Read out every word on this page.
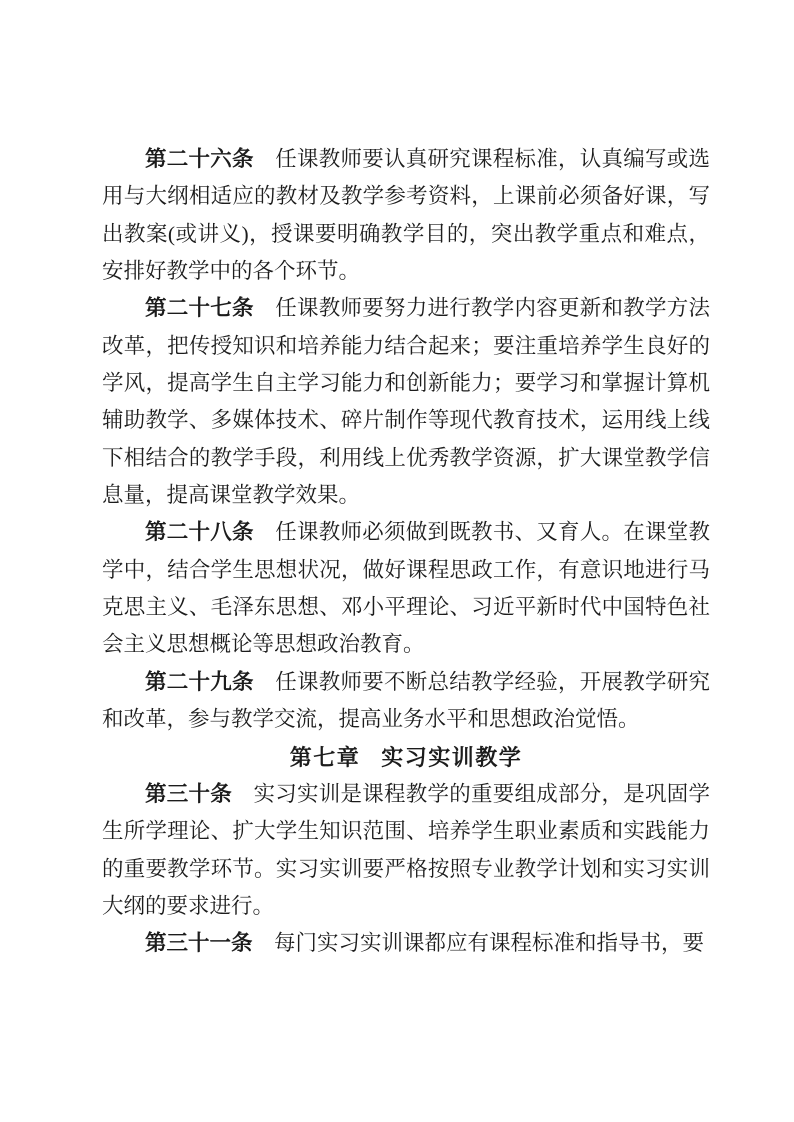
第二十六条 任课教师要认真研究课程标准，认真编写或选用与大纲相适应的教材及教学参考资料，上课前必须备好课，写出教案(或讲义)，授课要明确教学目的，突出教学重点和难点，安排好教学中的各个环节。

第二十七条 任课教师要努力进行教学内容更新和教学方法改革，把传授知识和培养能力结合起来；要注重培养学生良好的学风，提高学生自主学习能力和创新能力；要学习和掌握计算机辅助教学、多媒体技术、碎片制作等现代教育技术，运用线上线下相结合的教学手段，利用线上优秀教学资源，扩大课堂教学信息量，提高课堂教学效果。

第二十八条 任课教师必须做到既教书、又育人。在课堂教学中，结合学生思想状况，做好课程思政工作，有意识地进行马克思主义、毛泽东思想、邓小平理论、习近平新时代中国特色社会主义思想概论等思想政治教育。

第二十九条 任课教师要不断总结教学经验，开展教学研究和改革，参与教学交流，提高业务水平和思想政治觉悟。

第七章 实习实训教学

第三十条 实习实训是课程教学的重要组成部分，是巩固学生所学理论、扩大学生知识范围、培养学生职业素质和实践能力的重要教学环节。实习实训要严格按照专业教学计划和实习实训大纲的要求进行。

第三十一条 每门实习实训课都应有课程标准和指导书，要
